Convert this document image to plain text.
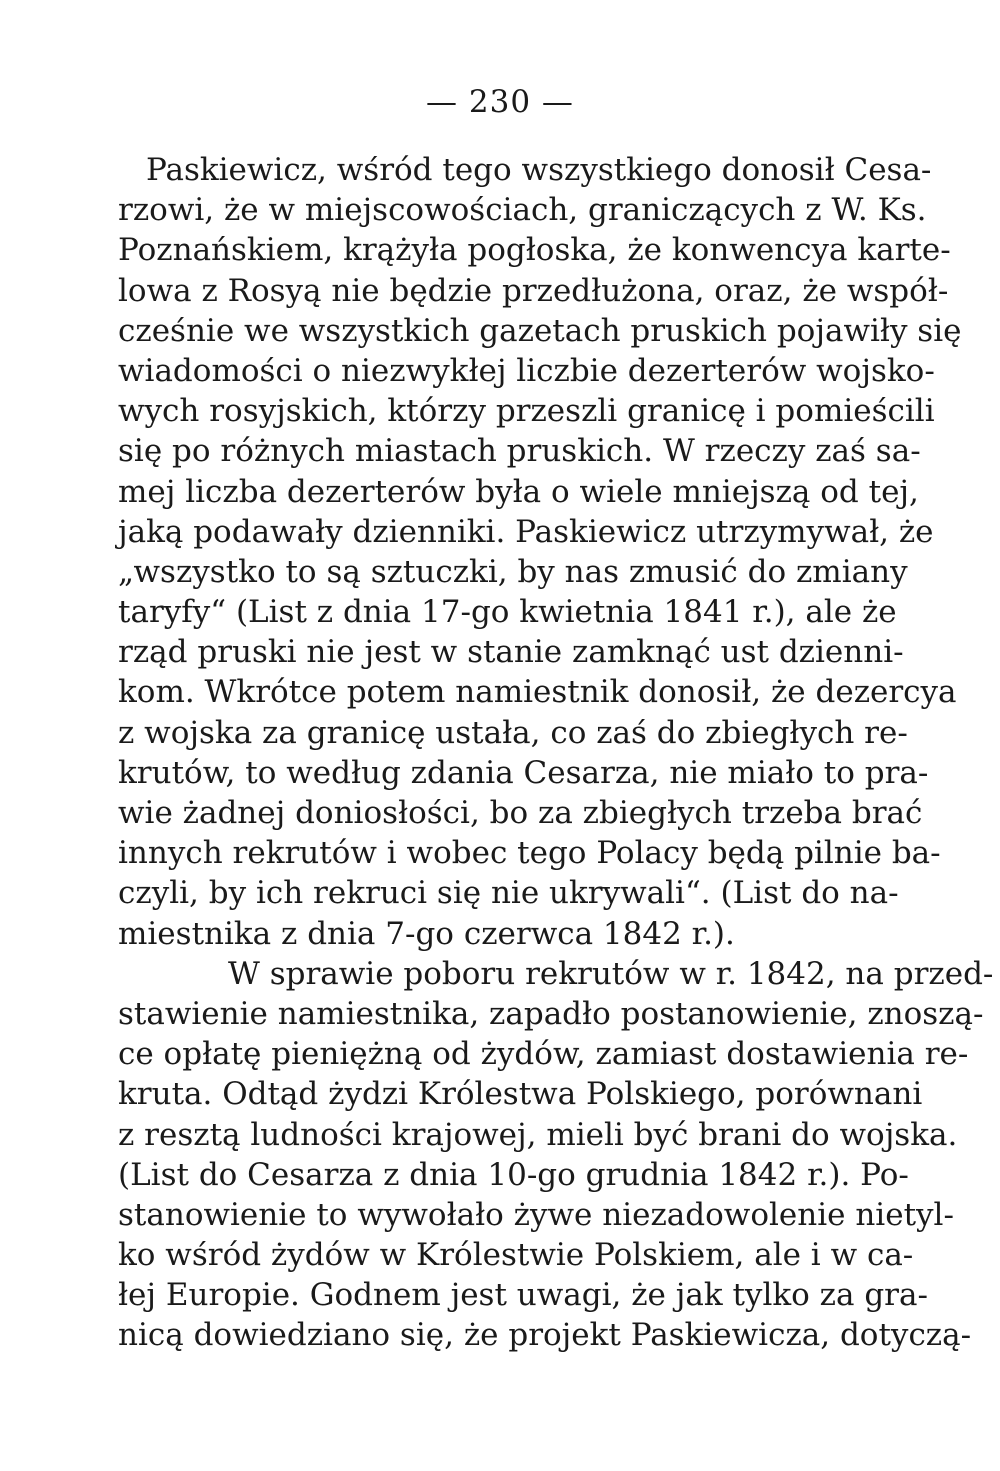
— 230 —
Paskiewicz, wśród tego wszystkiego donosił Cesa-
rzowi, że w miejscowościach, graniczących z W. Ks.
Poznańskiem, krążyła pogłoska, że konwencya karte-
lowa z Rosyą nie będzie przedłużona, oraz, że współ-
cześnie we wszystkich gazetach pruskich pojawiły się
wiadomości o niezwykłej liczbie dezerterów wojsko-
wych rosyjskich, którzy przeszli granicę i pomieścili
się po różnych miastach pruskich. W rzeczy zaś sa-
mej liczba dezerterów była o wiele mniejszą od tej,
jaką podawały dzienniki. Paskiewicz utrzymywał, że
„wszystko to są sztuczki, by nas zmusić do zmiany
taryfy“ (List z dnia 17-go kwietnia 1841 r.), ale że
rząd pruski nie jest w stanie zamknąć ust dzienni-
kom. Wkrótce potem namiestnik donosił, że dezercya
z wojska za granicę ustała, co zaś do zbiegłych re-
krutów, to według zdania Cesarza, nie miało to pra-
wie żadnej doniosłości, bo za zbiegłych trzeba brać
innych rekrutów i wobec tego Polacy będą pilnie ba-
czyli, by ich rekruci się nie ukrywali“. (List do na-
miestnika z dnia 7-go czerwca 1842 r.).
W sprawie poboru rekrutów w r. 1842, na przed-
stawienie namiestnika, zapadło postanowienie, znoszą-
ce opłatę pieniężną od żydów, zamiast dostawienia re-
kruta. Odtąd żydzi Królestwa Polskiego, porównani
z resztą ludności krajowej, mieli być brani do wojska.
(List do Cesarza z dnia 10-go grudnia 1842 r.). Po-
stanowienie to wywołało żywe niezadowolenie nietyl-
ko wśród żydów w Królestwie Polskiem, ale i w ca-
łej Europie. Godnem jest uwagi, że jak tylko za gra-
nicą dowiedziano się, że projekt Paskiewicza, dotyczą-
